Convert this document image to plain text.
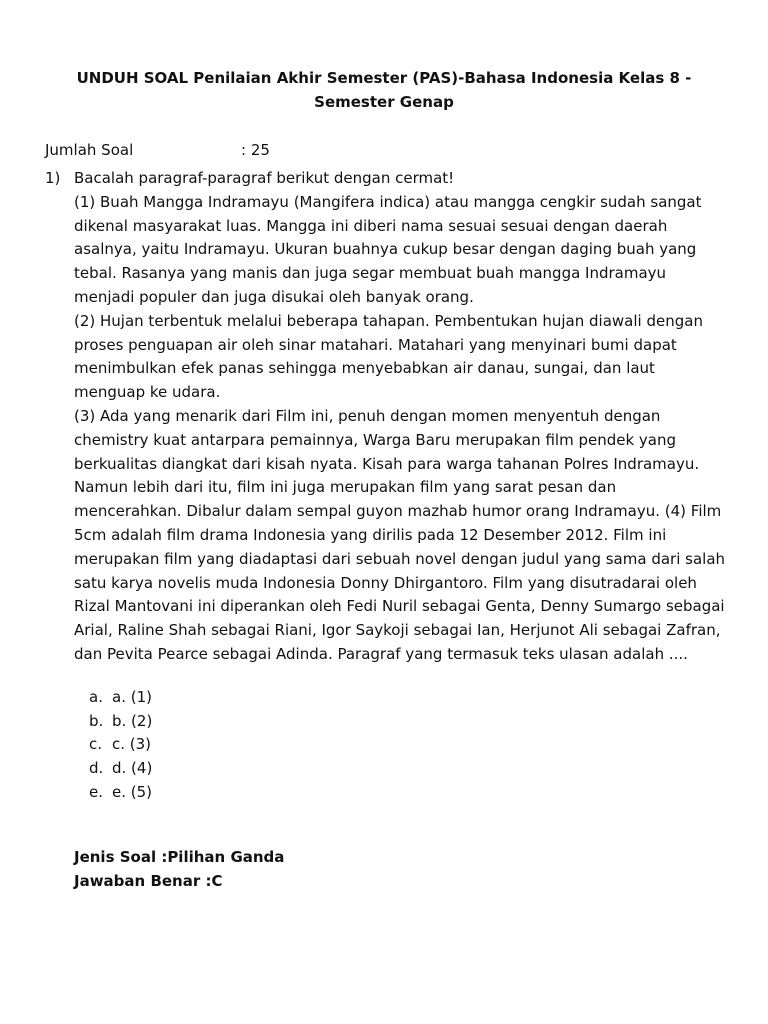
UNDUH SOAL Penilaian Akhir Semester (PAS)-Bahasa Indonesia Kelas 8 -
Semester Genap
Jumlah Soal	: 25
1) Bacalah paragraf-paragraf berikut dengan cermat!

(1) Buah Mangga Indramayu (Mangifera indica) atau mangga cengkir sudah sangat dikenal masyarakat luas. Mangga ini diberi nama sesuai sesuai dengan daerah asalnya, yaitu Indramayu. Ukuran buahnya cukup besar dengan daging buah yang tebal. Rasanya yang manis dan juga segar membuat buah mangga Indramayu menjadi populer dan juga disukai oleh banyak orang.

(2) Hujan terbentuk melalui beberapa tahapan. Pembentukan hujan diawali dengan proses penguapan air oleh sinar matahari. Matahari yang menyinari bumi dapat menimbulkan efek panas sehingga menyebabkan air danau, sungai, dan laut menguap ke udara.

(3) Ada yang menarik dari Film ini, penuh dengan momen menyentuh dengan chemistry kuat antarpara pemainnya, Warga Baru merupakan film pendek yang berkualitas diangkat dari kisah nyata. Kisah para warga tahanan Polres Indramayu. Namun lebih dari itu, film ini juga merupakan film yang sarat pesan dan mencerahkan. Dibalur dalam sempal guyon mazhab humor orang Indramayu. (4) Film 5cm adalah film drama Indonesia yang dirilis pada 12 Desember 2012. Film ini merupakan film yang diadaptasi dari sebuah novel dengan judul yang sama dari salah satu karya novelis muda Indonesia Donny Dhirgantoro. Film yang disutradarai oleh Rizal Mantovani ini diperankan oleh Fedi Nuril sebagai Genta, Denny Sumargo sebagai Arial, Raline Shah sebagai Riani, Igor Saykoji sebagai Ian, Herjunot Ali sebagai Zafran, dan Pevita Pearce sebagai Adinda. Paragraf yang termasuk teks ulasan adalah ....

a. a. (1)
b. b. (2)
c. c. (3)
d. d. (4)
e. e. (5)
Jenis Soal :Pilihan Ganda
Jawaban Benar :C
